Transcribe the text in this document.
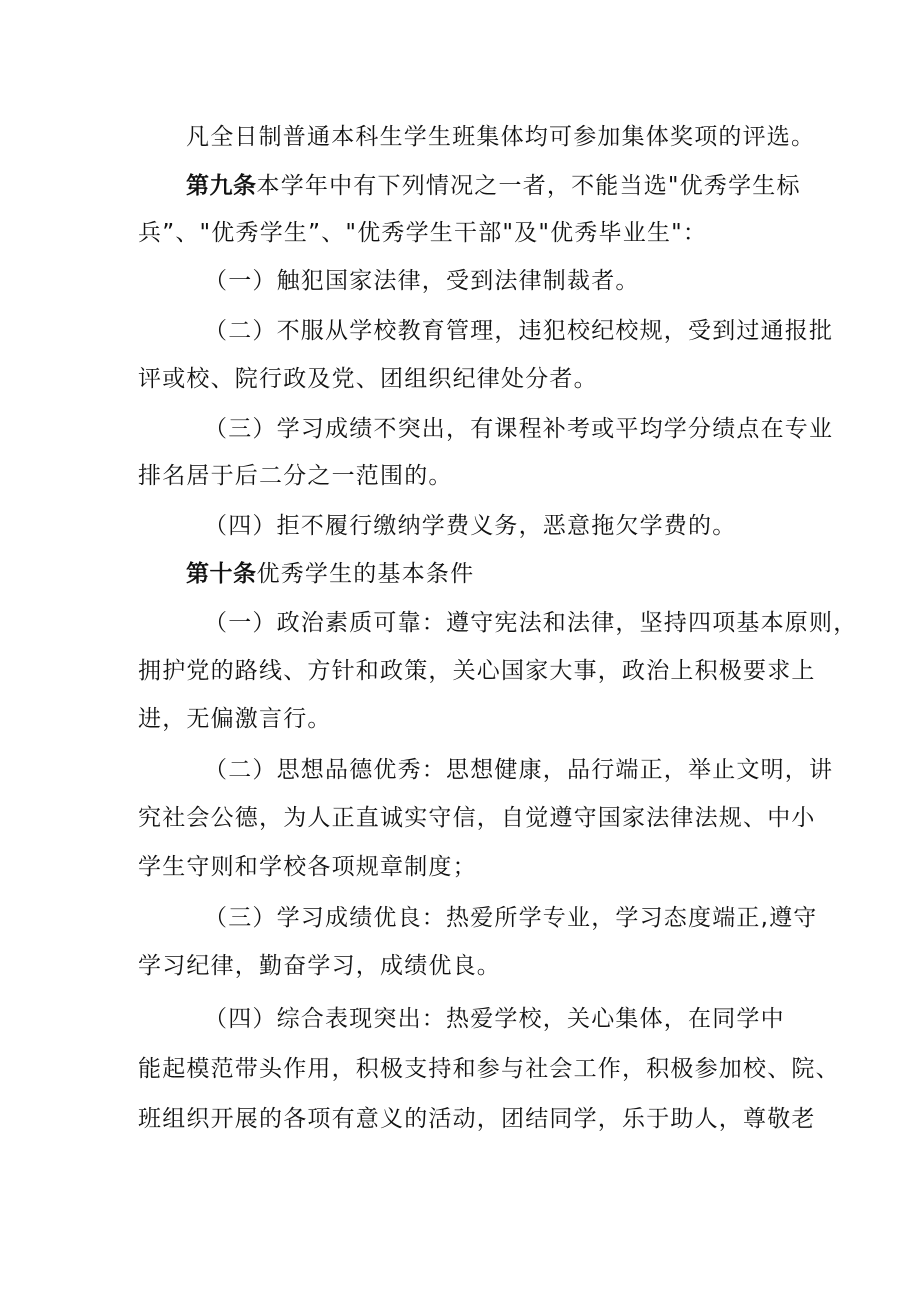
凡全日制普通本科生学生班集体均可参加集体奖项的评选。
第九条本学年中有下列情况之一者，不能当选"优秀学生标
兵”、"优秀学生”、"优秀学生干部"及"优秀毕业生"：
（一）触犯国家法律，受到法律制裁者。
（二）不服从学校教育管理，违犯校纪校规，受到过通报批
评或校、院行政及党、团组织纪律处分者。
（三）学习成绩不突出，有课程补考或平均学分绩点在专业
排名居于后二分之一范围的。
（四）拒不履行缴纳学费义务，恶意拖欠学费的。
第十条优秀学生的基本条件
（一）政治素质可靠：遵守宪法和法律，坚持四项基本原则，
拥护党的路线、方针和政策，关心国家大事，政治上积极要求上
进，无偏激言行。
（二）思想品德优秀：思想健康，品行端正，举止文明，讲
究社会公德，为人正直诚实守信，自觉遵守国家法律法规、中小
学生守则和学校各项规章制度；
（三）学习成绩优良：热爱所学专业，学习态度端正,遵守
学习纪律，勤奋学习，成绩优良。
（四）综合表现突出：热爱学校，关心集体，在同学中
能起模范带头作用，积极支持和参与社会工作，积极参加校、院、
班组织开展的各项有意义的活动，团结同学，乐于助人，尊敬老
